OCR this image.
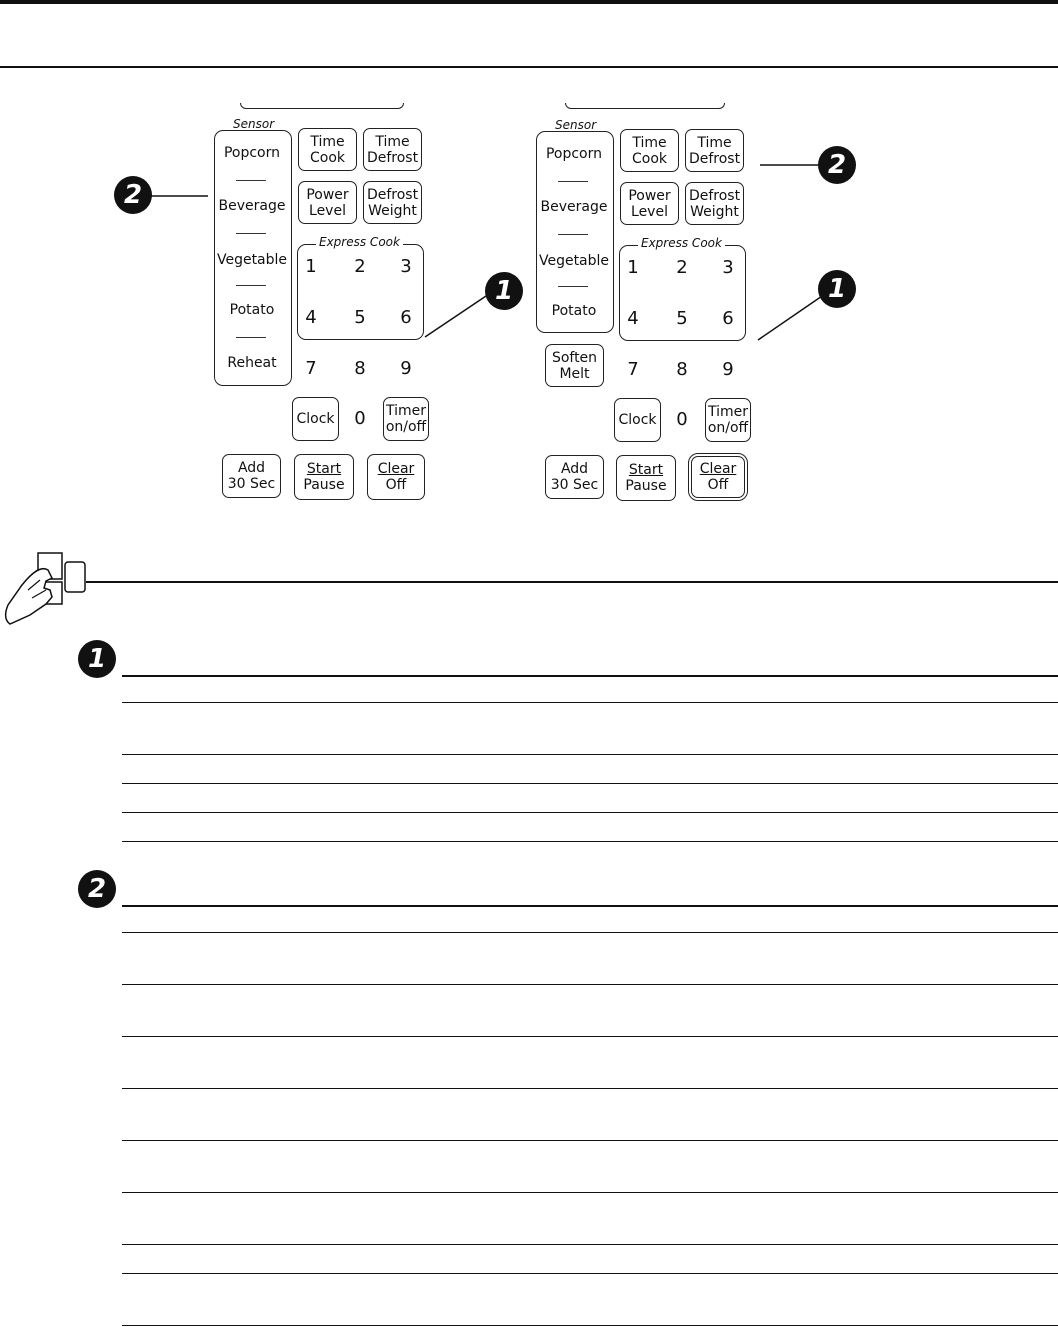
Sensor
Popcorn
Beverage
Vegetable
Potato
Reheat
Time
Cook
Time
Defrost
Power
Level
Defrost
Weight
Express Cook
1 2 3
4 5 6
7 8 9
Clock 0	Timer
on/off
Add
30 Sec
Start
Pause
Clear
Off
Sensor
Popcorn
Beverage
Vegetable
Potato
Time
Cook
Time
Defrost
Power
Level
Defrost
Weight
Express Cook
1 2 3
4 5 6
Soften
Melt 7 8 9
Clock 0	Timer
on/off
Add
30 Sec
Start
Pause
Clear
Off
2
1
2
1
1
2
